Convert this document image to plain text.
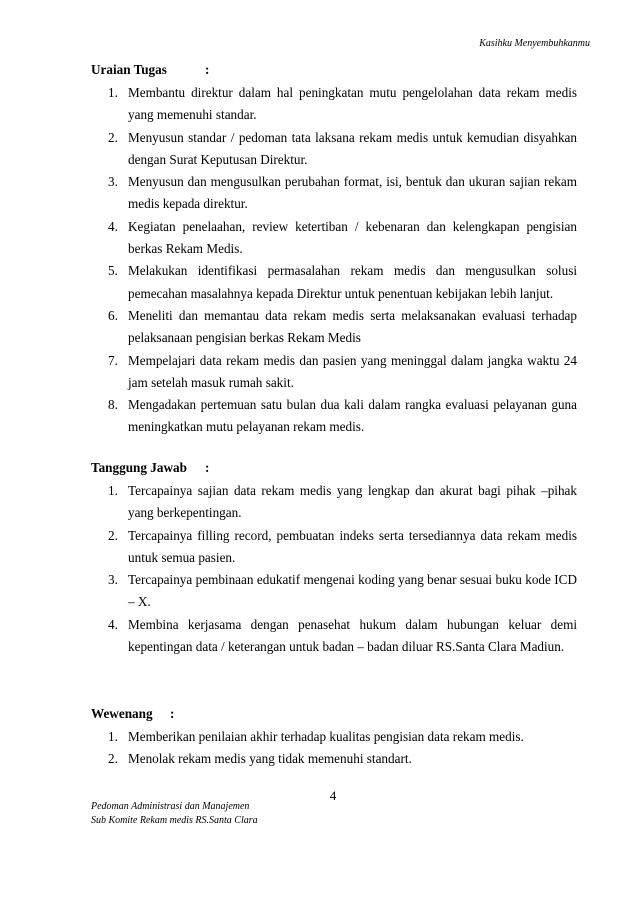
Kasihku Menyembuhkanmu
Uraian Tugas	:
1. Membantu direktur dalam hal peningkatan mutu pengelolahan data rekam medis yang memenuhi standar.
2. Menyusun standar / pedoman tata laksana rekam medis untuk kemudian disyahkan dengan Surat Keputusan Direktur.
3. Menyusun dan mengusulkan perubahan format, isi, bentuk dan ukuran sajian rekam medis kepada direktur.
4. Kegiatan penelaahan, review ketertiban / kebenaran dan kelengkapan pengisian berkas Rekam Medis.
5. Melakukan identifikasi permasalahan rekam medis dan mengusulkan solusi pemecahan masalahnya kepada Direktur untuk penentuan kebijakan lebih lanjut.
6. Meneliti dan memantau data rekam medis serta melaksanakan evaluasi terhadap pelaksanaan pengisian berkas Rekam Medis
7. Mempelajari data rekam medis dan pasien yang meninggal dalam jangka waktu 24 jam setelah masuk rumah sakit.
8. Mengadakan pertemuan satu bulan dua kali dalam rangka evaluasi pelayanan guna meningkatkan mutu pelayanan rekam medis.
Tanggung Jawab :
1. Tercapainya sajian data rekam medis yang lengkap dan akurat bagi pihak –pihak yang berkepentingan.
2. Tercapainya filling record, pembuatan indeks serta tersediannya data rekam medis untuk semua pasien.
3. Tercapainya pembinaan edukatif mengenai koding yang benar sesuai buku kode ICD – X.
4. Membina kerjasama dengan penasehat hukum dalam hubungan keluar demi kepentingan data / keterangan untuk badan – badan diluar RS.Santa Clara Madiun.
Wewenang :
1. Memberikan penilaian akhir terhadap kualitas pengisian data rekam medis.
2. Menolak rekam medis yang tidak memenuhi standart.
4
Pedoman Administrasi dan Manajemen
Sub Komite Rekam medis RS.Santa Clara
